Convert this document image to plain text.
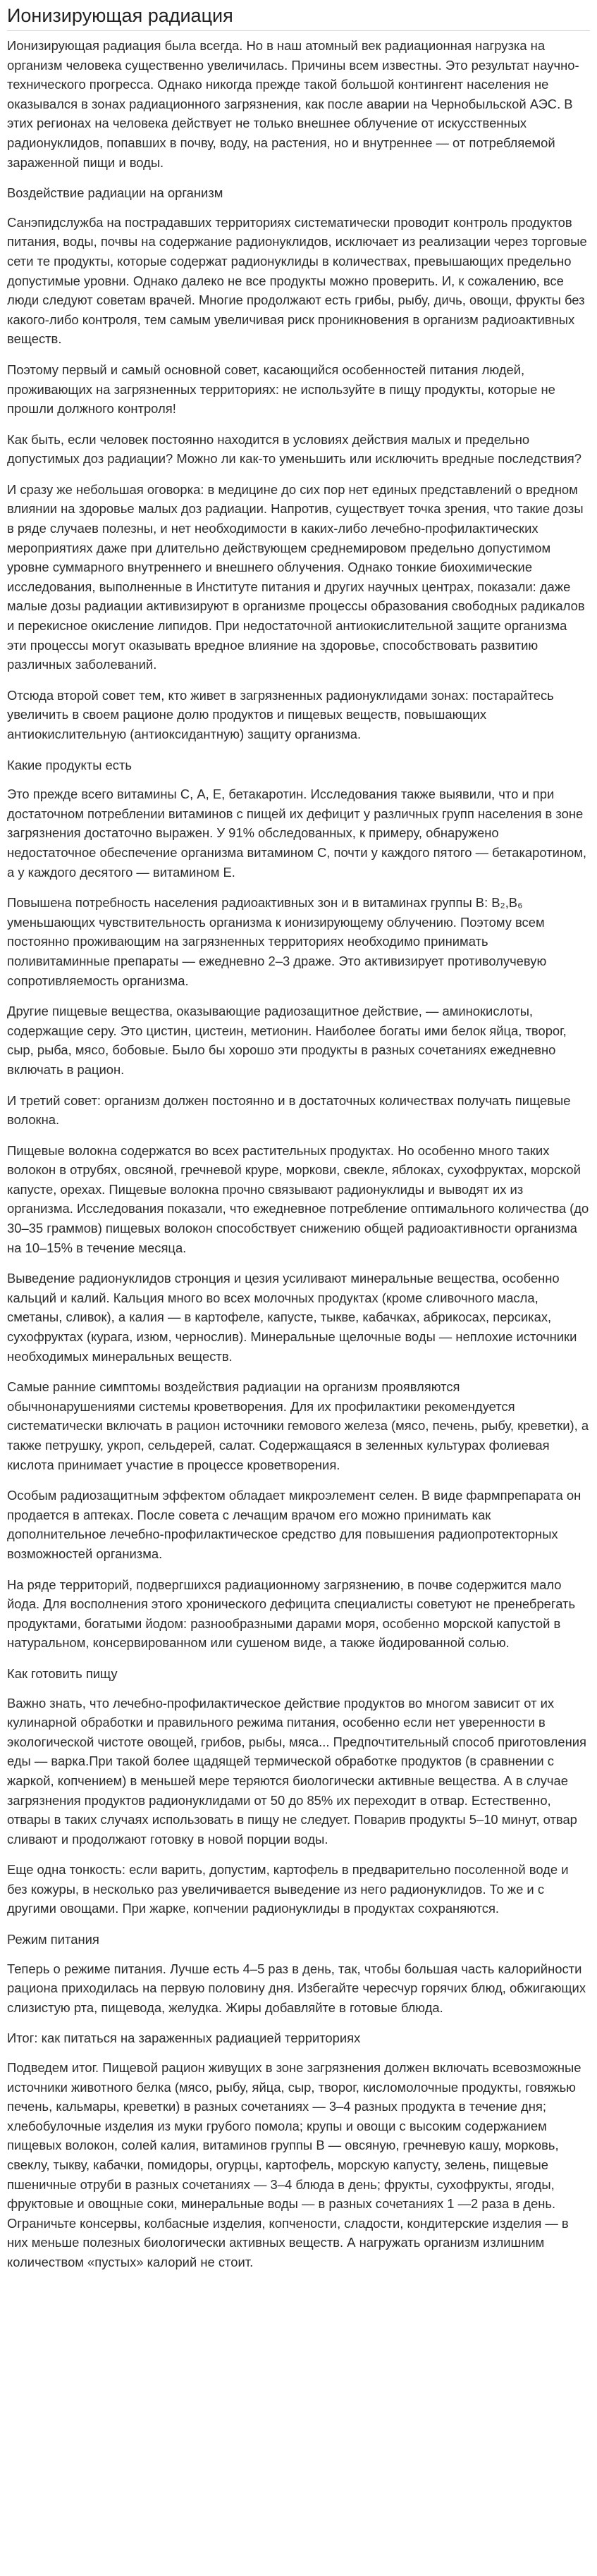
Ионизирующая радиация

Ионизирующая радиация была всегда. Но в наш атомный век радиационная нагрузка на организм человека существенно увеличилась. Причины всем известны. Это результат научно-технического прогресса. Однако никогда прежде такой большой контингент населения не оказывался в зонах радиационного загрязнения, как после аварии на Чернобыльской АЭС. В этих регионах на человека действует не только внешнее облучение от искусственных радионуклидов, попавших в почву, воду, на растения, но и внутреннее — от потребляемой зараженной пищи и воды.

Воздействие радиации на организм

Санэпидслужба на пострадавших территориях систематически проводит контроль продуктов питания, воды, почвы на содержание радионуклидов, исключает из реализации через торговые сети те продукты, которые содержат радионуклиды в количествах, превышающих предельно допустимые уровни. Однако далеко не все продукты можно проверить. И, к сожалению, все люди следуют советам врачей. Многие продолжают есть грибы, рыбу, дичь, овощи, фрукты без какого-либо контроля, тем самым увеличивая риск проникновения в организм радиоактивных веществ.

Поэтому первый и самый основной совет, касающийся особенностей питания людей, проживающих на загрязненных территориях: не используйте в пищу продукты, которые не прошли должного контроля!

Как быть, если человек постоянно находится в условиях действия малых и предельно допустимых доз радиации? Можно ли как-то уменьшить или исключить вредные последствия?

И сразу же небольшая оговорка: в медицине до сих пор нет единых представлений о вредном влиянии на здоровье малых доз радиации. Напротив, существует точка зрения, что такие дозы в ряде случаев полезны, и нет необходимости в каких-либо лечебно-профилактических мероприятиях даже при длительно действующем среднемировом предельно допустимом уровне суммарного внутреннего и внешнего облучения. Однако тонкие биохимические исследования, выполненные в Институте питания и других научных центрах, показали: даже малые дозы радиации активизируют в организме процессы образования свободных радикалов и перекисное окисление липидов. При недостаточной антиокислительной защите организма эти процессы могут оказывать вредное влияние на здоровье, способствовать развитию различных заболеваний.

Отсюда второй совет тем, кто живет в загрязненных радионуклидами зонах: постарайтесь увеличить в своем рационе долю продуктов и пищевых веществ, повышающих антиокислительную (антиоксидантную) защиту организма.

Какие продукты есть

Это прежде всего витамины С, А, Е, бетакаротин. Исследования также выявили, что и при достаточном потреблении витаминов с пищей их дефицит у различных групп населения в зоне загрязнения достаточно выражен. У 91% обследованных, к примеру, обнаружено недостаточное обеспечение организма витамином С, почти у каждого пятого — бетакаротином, а у каждого десятого — витамином Е.

Повышена потребность населения радиоактивных зон и в витаминах группы В: В₂,В₆ уменьшающих чувствительность организма к ионизирующему облучению. Поэтому всем постоянно проживающим на загрязненных территориях необходимо принимать поливитаминные препараты — ежедневно 2–3 драже. Это активизирует противолучевую сопротивляемость организма.

Другие пищевые вещества, оказывающие радиозащитное действие, — аминокислоты, содержащие серу. Это цистин, цистеин, метионин. Наиболее богаты ими белок яйца, творог, сыр, рыба, мясо, бобовые. Было бы хорошо эти продукты в разных сочетаниях ежедневно включать в рацион.

И третий совет: организм должен постоянно и в достаточных количествах получать пищевые волокна.

Пищевые волокна содержатся во всех растительных продуктах. Но особенно много таких волокон в отрубях, овсяной, гречневой круре, моркови, свекле, яблоках, сухофруктах, морской капусте, орехах. Пищевые волокна прочно связывают радионуклиды и выводят их из организма. Исследования показали, что ежедневное потребление оптимального количества (до 30–35 граммов) пищевых волокон способствует снижению общей радиоактивности организма на 10–15% в течение месяца.

Выведение радионуклидов стронция и цезия усиливают минеральные вещества, особенно кальций и калий. Кальция много во всех молочных продуктах (кроме сливочного масла, сметаны, сливок), а калия — в картофеле, капусте, тыкве, кабачках, абрикосах, персиках, сухофруктах (курага, изюм, чернослив). Минеральные щелочные воды — неплохие источники необходимых минеральных веществ.

Самые ранние симптомы воздействия радиации на организм проявляются обычнонарушениями системы кроветворения. Для их профилактики рекомендуется систематически включать в рацион источники гемового железа (мясо, печень, рыбу, креветки), а также петрушку, укроп, сельдерей, салат. Содержащаяся в зеленных культурах фолиевая кислота принимает участие в процессе кроветворения.

Особым радиозащитным эффектом обладает микроэлемент селен. В виде фармпрепарата он продается в аптеках. После совета с лечащим врачом его можно принимать как дополнительное лечебно-профилактическое средство для повышения радиопротекторных возможностей организма.

На ряде территорий, подвергшихся радиационному загрязнению, в почве содержится мало йода. Для восполнения этого хронического дефицита специалисты советуют не пренебрегать продуктами, богатыми йодом: разнообразными дарами моря, особенно морской капустой в натуральном, консервированном или сушеном виде, а также йодированной солью.

Как готовить пищу

Важно знать, что лечебно-профилактическое действие продуктов во многом зависит от их кулинарной обработки и правильного режима питания, особенно если нет уверенности в экологической чистоте овощей, грибов, рыбы, мяса... Предпочтительный способ приготовления еды — варка.При такой более щадящей термической обработке продуктов (в сравнении с жаркой, копчением) в меньшей мере теряются биологически активные вещества. А в случае загрязнения продуктов радионуклидами от 50 до 85% их переходит в отвар. Естественно, отвары в таких случаях использовать в пищу не следует. Поварив продукты 5–10 минут, отвар сливают и продолжают готовку в новой порции воды.

Еще одна тонкость: если варить, допустим, картофель в предварительно посоленной воде и без кожуры, в несколько раз увеличивается выведение из него радионуклидов. То же и с другими овощами. При жарке, копчении радионуклиды в продуктах сохраняются.

Режим питания

Теперь о режиме питания. Лучше есть 4–5 раз в день, так, чтобы большая часть калорийности рациона приходилась на первую половину дня. Избегайте чересчур горячих блюд, обжигающих слизистую рта, пищевода, желудка. Жиры добавляйте в готовые блюда.

Итог: как питаться на зараженных радиацией территориях

Подведем итог. Пищевой рацион живущих в зоне загрязнения должен включать всевозможные источники животного белка (мясо, рыбу, яйца, сыр, творог, кисломолочные продукты, говяжью печень, кальмары, креветки) в разных сочетаниях — 3–4 разных продукта в течение дня; хлебобулочные изделия из муки грубого помола; крупы и овощи с высоким содержанием пищевых волокон, солей калия, витаминов группы В — овсяную, гречневую кашу, морковь, свеклу, тыкву, кабачки, помидоры, огурцы, картофель, морскую капусту, зелень, пищевые пшеничные отруби в разных сочетаниях — 3–4 блюда в день; фрукты, сухофрукты, ягоды, фруктовые и овощные соки, минеральные воды — в разных сочетаниях 1 —2 раза в день. Ограничьте консервы, колбасные изделия, копчености, сладости, кондитерские изделия — в них меньше полезных биологически активных веществ. А нагружать организм излишним количеством «пустых» калорий не стоит.
